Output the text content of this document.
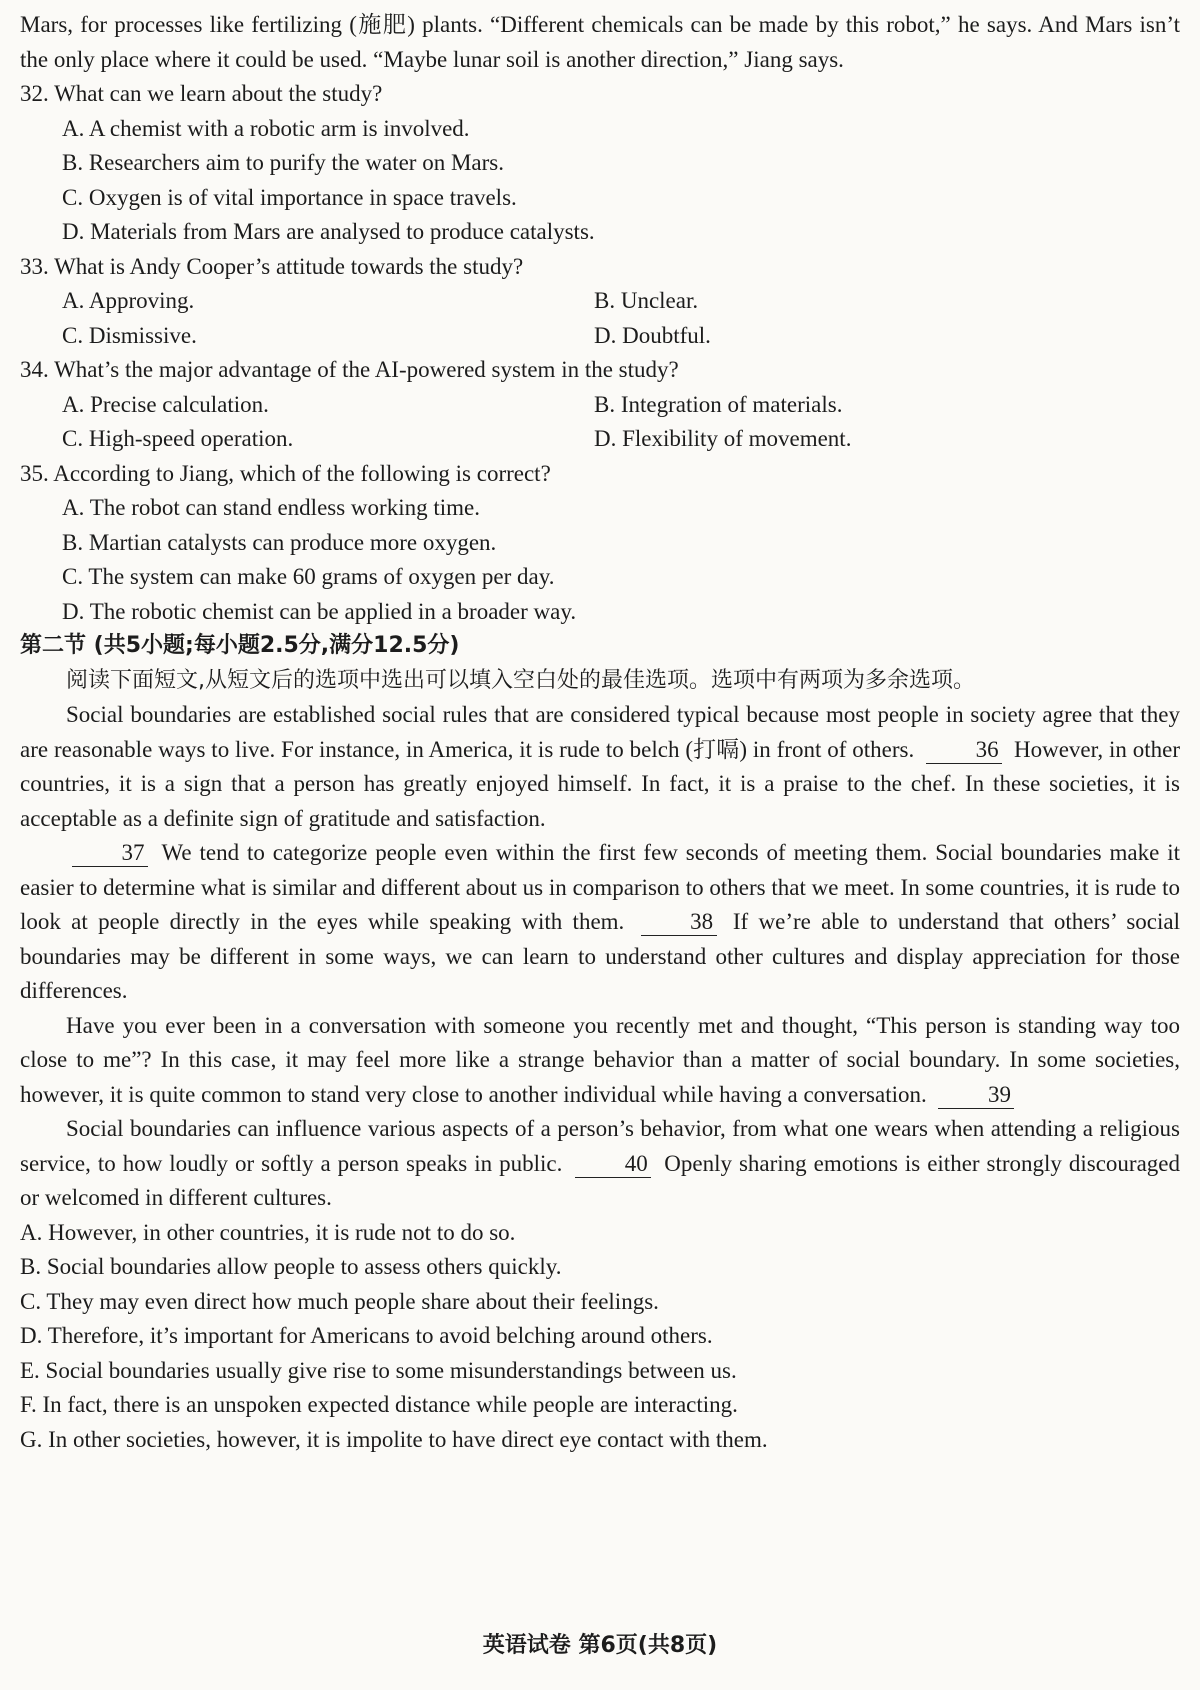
Mars, for processes like fertilizing (施肥) plants. “Different chemicals can be made by this robot,” he says. And Mars isn’t the only place where it could be used. “Maybe lunar soil is another direction,” Jiang says.

32. What can we learn about the study?

A. A chemist with a robotic arm is involved.

B. Researchers aim to purify the water on Mars.

C. Oxygen is of vital importance in space travels.

D. Materials from Mars are analysed to produce catalysts.

33. What is Andy Cooper’s attitude towards the study?

A. Approving.	B. Unclear.
C. Dismissive.	D. Doubtful.

34. What’s the major advantage of the AI-powered system in the study?

A. Precise calculation.	B. Integration of materials.
C. High-speed operation.	D. Flexibility of movement.

35. According to Jiang, which of the following is correct?

A. The robot can stand endless working time.

B. Martian catalysts can produce more oxygen.

C. The system can make 60 grams of oxygen per day.

D. The robotic chemist can be applied in a broader way.

第二节 (共5小题;每小题2.5分,满分12.5分)

阅读下面短文,从短文后的选项中选出可以填入空白处的最佳选项。选项中有两项为多余选项。

Social boundaries are established social rules that are considered typical because most people in society agree that they are reasonable ways to live. For instance, in America, it is rude to belch (打嗝) in front of others.	36 However, in other countries, it is a sign that a person has greatly enjoyed himself. In fact, it is a praise to the chef. In these societies, it is acceptable as a definite sign of gratitude and satisfaction.

37 We tend to categorize people even within the first few seconds of meeting them. Social boundaries make it easier to determine what is similar and different about us in comparison to others that we meet. In some countries, it is rude to look at people directly in the eyes while speaking with them.	38 If we’re able to understand that others’ social boundaries may be different in some ways, we can learn to understand other cultures and display appreciation for those differences.

Have you ever been in a conversation with someone you recently met and thought, “This person is standing way too close to me”? In this case, it may feel more like a strange behavior than a matter of social boundary. In some societies, however, it is quite common to stand very close to another individual while having a conversation.	39

Social boundaries can influence various aspects of a person’s behavior, from what one wears when attending a religious service, to how loudly or softly a person speaks in public.	40 Openly sharing emotions is either strongly discouraged or welcomed in different cultures.

A. However, in other countries, it is rude not to do so.

B. Social boundaries allow people to assess others quickly.

C. They may even direct how much people share about their feelings.

D. Therefore, it’s important for Americans to avoid belching around others.

E. Social boundaries usually give rise to some misunderstandings between us.

F. In fact, there is an unspoken expected distance while people are interacting.

G. In other societies, however, it is impolite to have direct eye contact with them.

英语试卷 第6页(共8页)
